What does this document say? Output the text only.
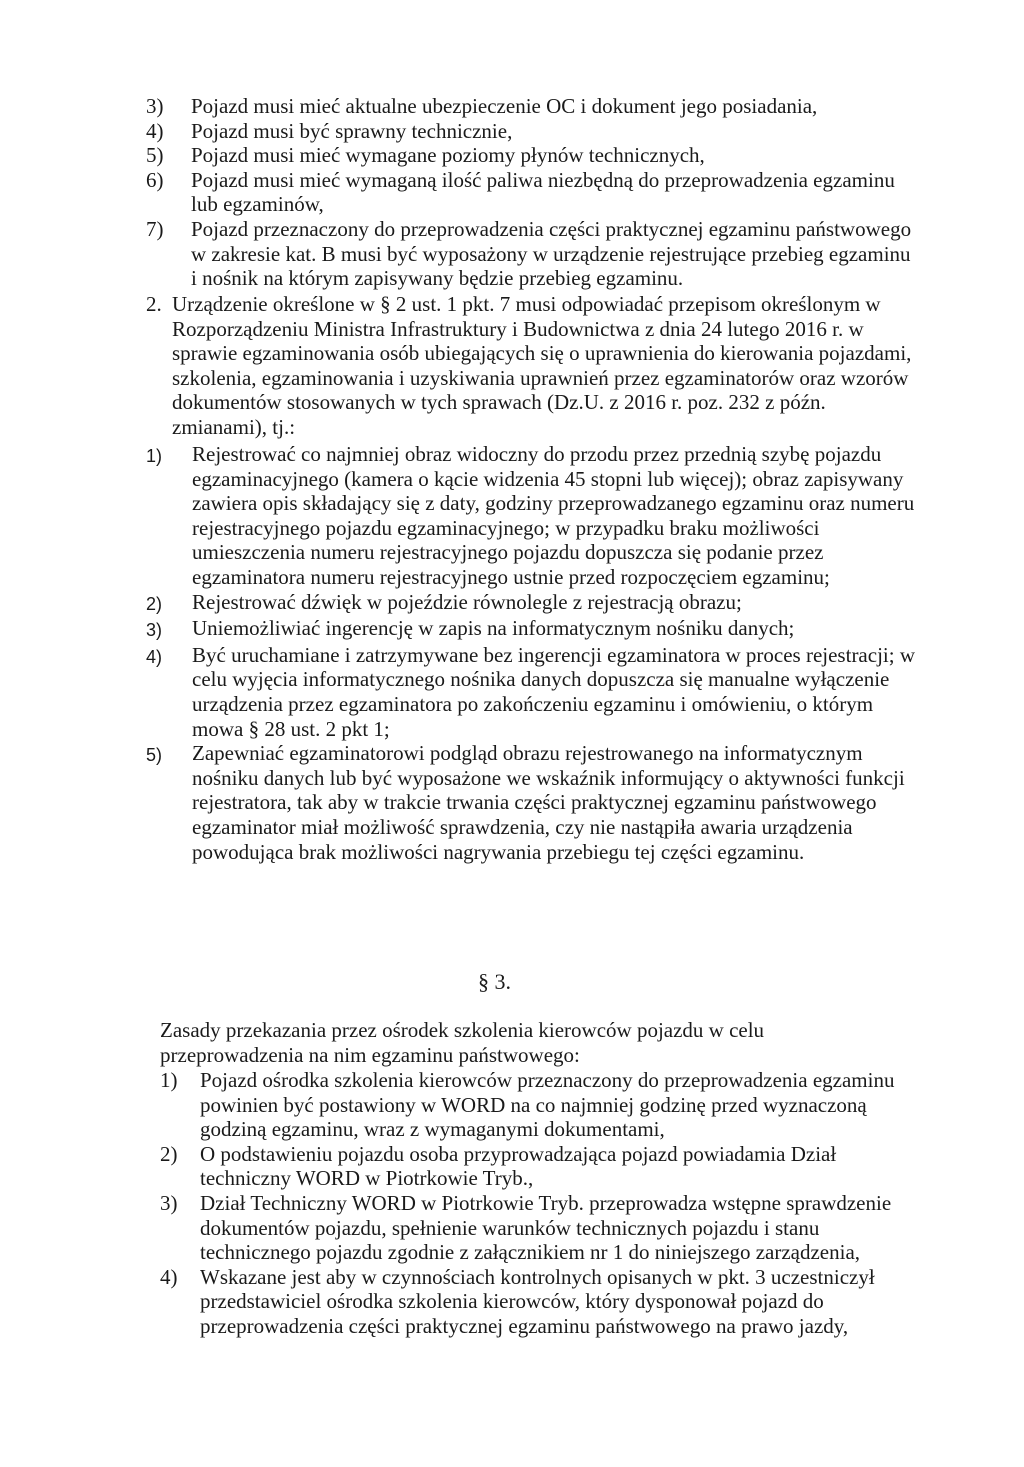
3)	Pojazd musi mieć aktualne ubezpieczenie OC i dokument jego posiadania,
4)	Pojazd musi być sprawny technicznie,
5)	Pojazd musi mieć wymagane poziomy płynów technicznych,
6)	Pojazd musi mieć wymaganą ilość paliwa niezbędną do przeprowadzenia egzaminu lub egzaminów,
7)	Pojazd przeznaczony do przeprowadzenia części praktycznej egzaminu państwowego w zakresie kat. B musi być wyposażony w urządzenie rejestrujące przebieg egzaminu i nośnik na którym zapisywany będzie przebieg egzaminu.
2. Urządzenie określone w § 2 ust. 1 pkt. 7 musi odpowiadać przepisom określonym w Rozporządzeniu Ministra Infrastruktury i Budownictwa z dnia 24 lutego 2016 r. w sprawie egzaminowania osób ubiegających się o uprawnienia do kierowania pojazdami, szkolenia, egzaminowania i uzyskiwania uprawnień przez egzaminatorów oraz wzorów dokumentów stosowanych w tych sprawach (Dz.U. z 2016 r. poz. 232 z późn. zmianami), tj.:
1)	Rejestrować co najmniej obraz widoczny do przodu przez przednią szybę pojazdu egzaminacyjnego (kamera o kącie widzenia 45 stopni lub więcej); obraz zapisywany zawiera opis składający się z daty, godziny przeprowadzanego egzaminu oraz numeru rejestracyjnego pojazdu egzaminacyjnego; w przypadku braku możliwości umieszczenia numeru rejestracyjnego pojazdu dopuszcza się podanie przez egzaminatora numeru rejestracyjnego ustnie przed rozpoczęciem egzaminu;
2)	Rejestrować dźwięk w pojeździe równolegle z rejestracją obrazu;
3)	Uniemożliwiać ingerencję w zapis na informatycznym nośniku danych;
4)	Być uruchamiane i zatrzymywane bez ingerencji egzaminatora w proces rejestracji; w celu wyjęcia informatycznego nośnika danych dopuszcza się manualne wyłączenie urządzenia przez egzaminatora po zakończeniu egzaminu i omówieniu, o którym mowa § 28 ust. 2 pkt 1;
5)	Zapewniać egzaminatorowi podgląd obrazu rejestrowanego na informatycznym nośniku danych lub być wyposażone we wskaźnik informujący o aktywności funkcji rejestratora, tak aby w trakcie trwania części praktycznej egzaminu państwowego egzaminator miał możliwość sprawdzenia, czy nie nastąpiła awaria urządzenia powodująca brak możliwości nagrywania przebiegu tej części egzaminu.
§ 3.
Zasady przekazania przez ośrodek szkolenia kierowców pojazdu w celu przeprowadzenia na nim egzaminu państwowego:
1)	Pojazd ośrodka szkolenia kierowców przeznaczony do przeprowadzenia egzaminu powinien być postawiony w WORD na co najmniej godzinę przed wyznaczoną godziną egzaminu, wraz z wymaganymi dokumentami,
2)	O podstawieniu pojazdu osoba przyprowadzająca pojazd powiadamia Dział techniczny WORD w Piotrkowie Tryb.,
3)	Dział Techniczny WORD w Piotrkowie Tryb. przeprowadza wstępne sprawdzenie dokumentów pojazdu, spełnienie warunków technicznych pojazdu i stanu technicznego pojazdu zgodnie z załącznikiem nr 1 do niniejszego zarządzenia,
4)	Wskazane jest aby w czynnościach kontrolnych opisanych w pkt. 3 uczestniczył przedstawiciel ośrodka szkolenia kierowców, który dysponował pojazd do przeprowadzenia części praktycznej egzaminu państwowego na prawo jazdy,
